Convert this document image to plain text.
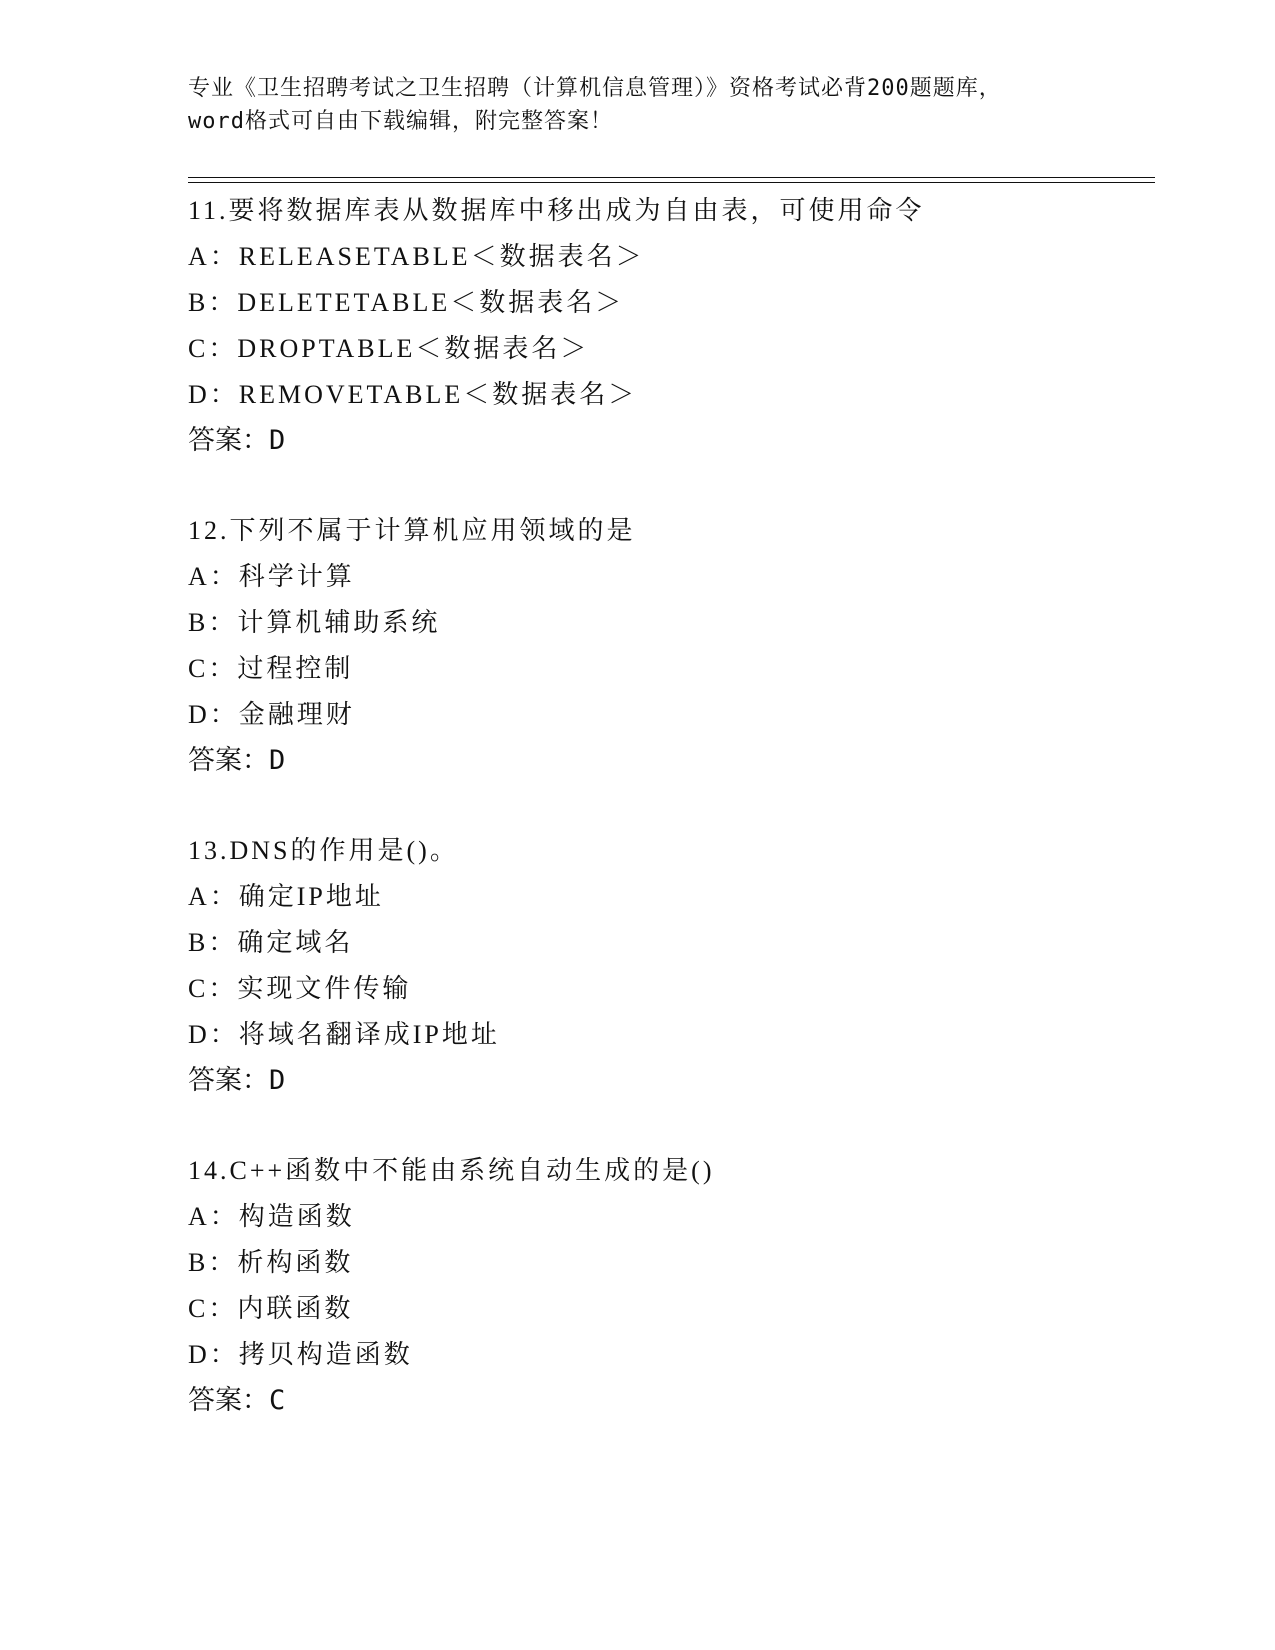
专业《卫生招聘考试之卫生招聘（计算机信息管理）》资格考试必背200题题库，

word格式可自由下载编辑，附完整答案！

11.要将数据库表从数据库中移出成为自由表，可使用命令
A：RELEASETABLE＜数据表名＞
B：DELETETABLE＜数据表名＞
C：DROPTABLE＜数据表名＞
D：REMOVETABLE＜数据表名＞
答案：D
12.下列不属于计算机应用领域的是
A：科学计算
B：计算机辅助系统
C：过程控制
D：金融理财
答案：D
13.DNS的作用是()。
A：确定IP地址
B：确定域名
C：实现文件传输
D：将域名翻译成IP地址
答案：D
14.C++函数中不能由系统自动生成的是()
A：构造函数
B：析构函数
C：内联函数
D：拷贝构造函数
答案：C
